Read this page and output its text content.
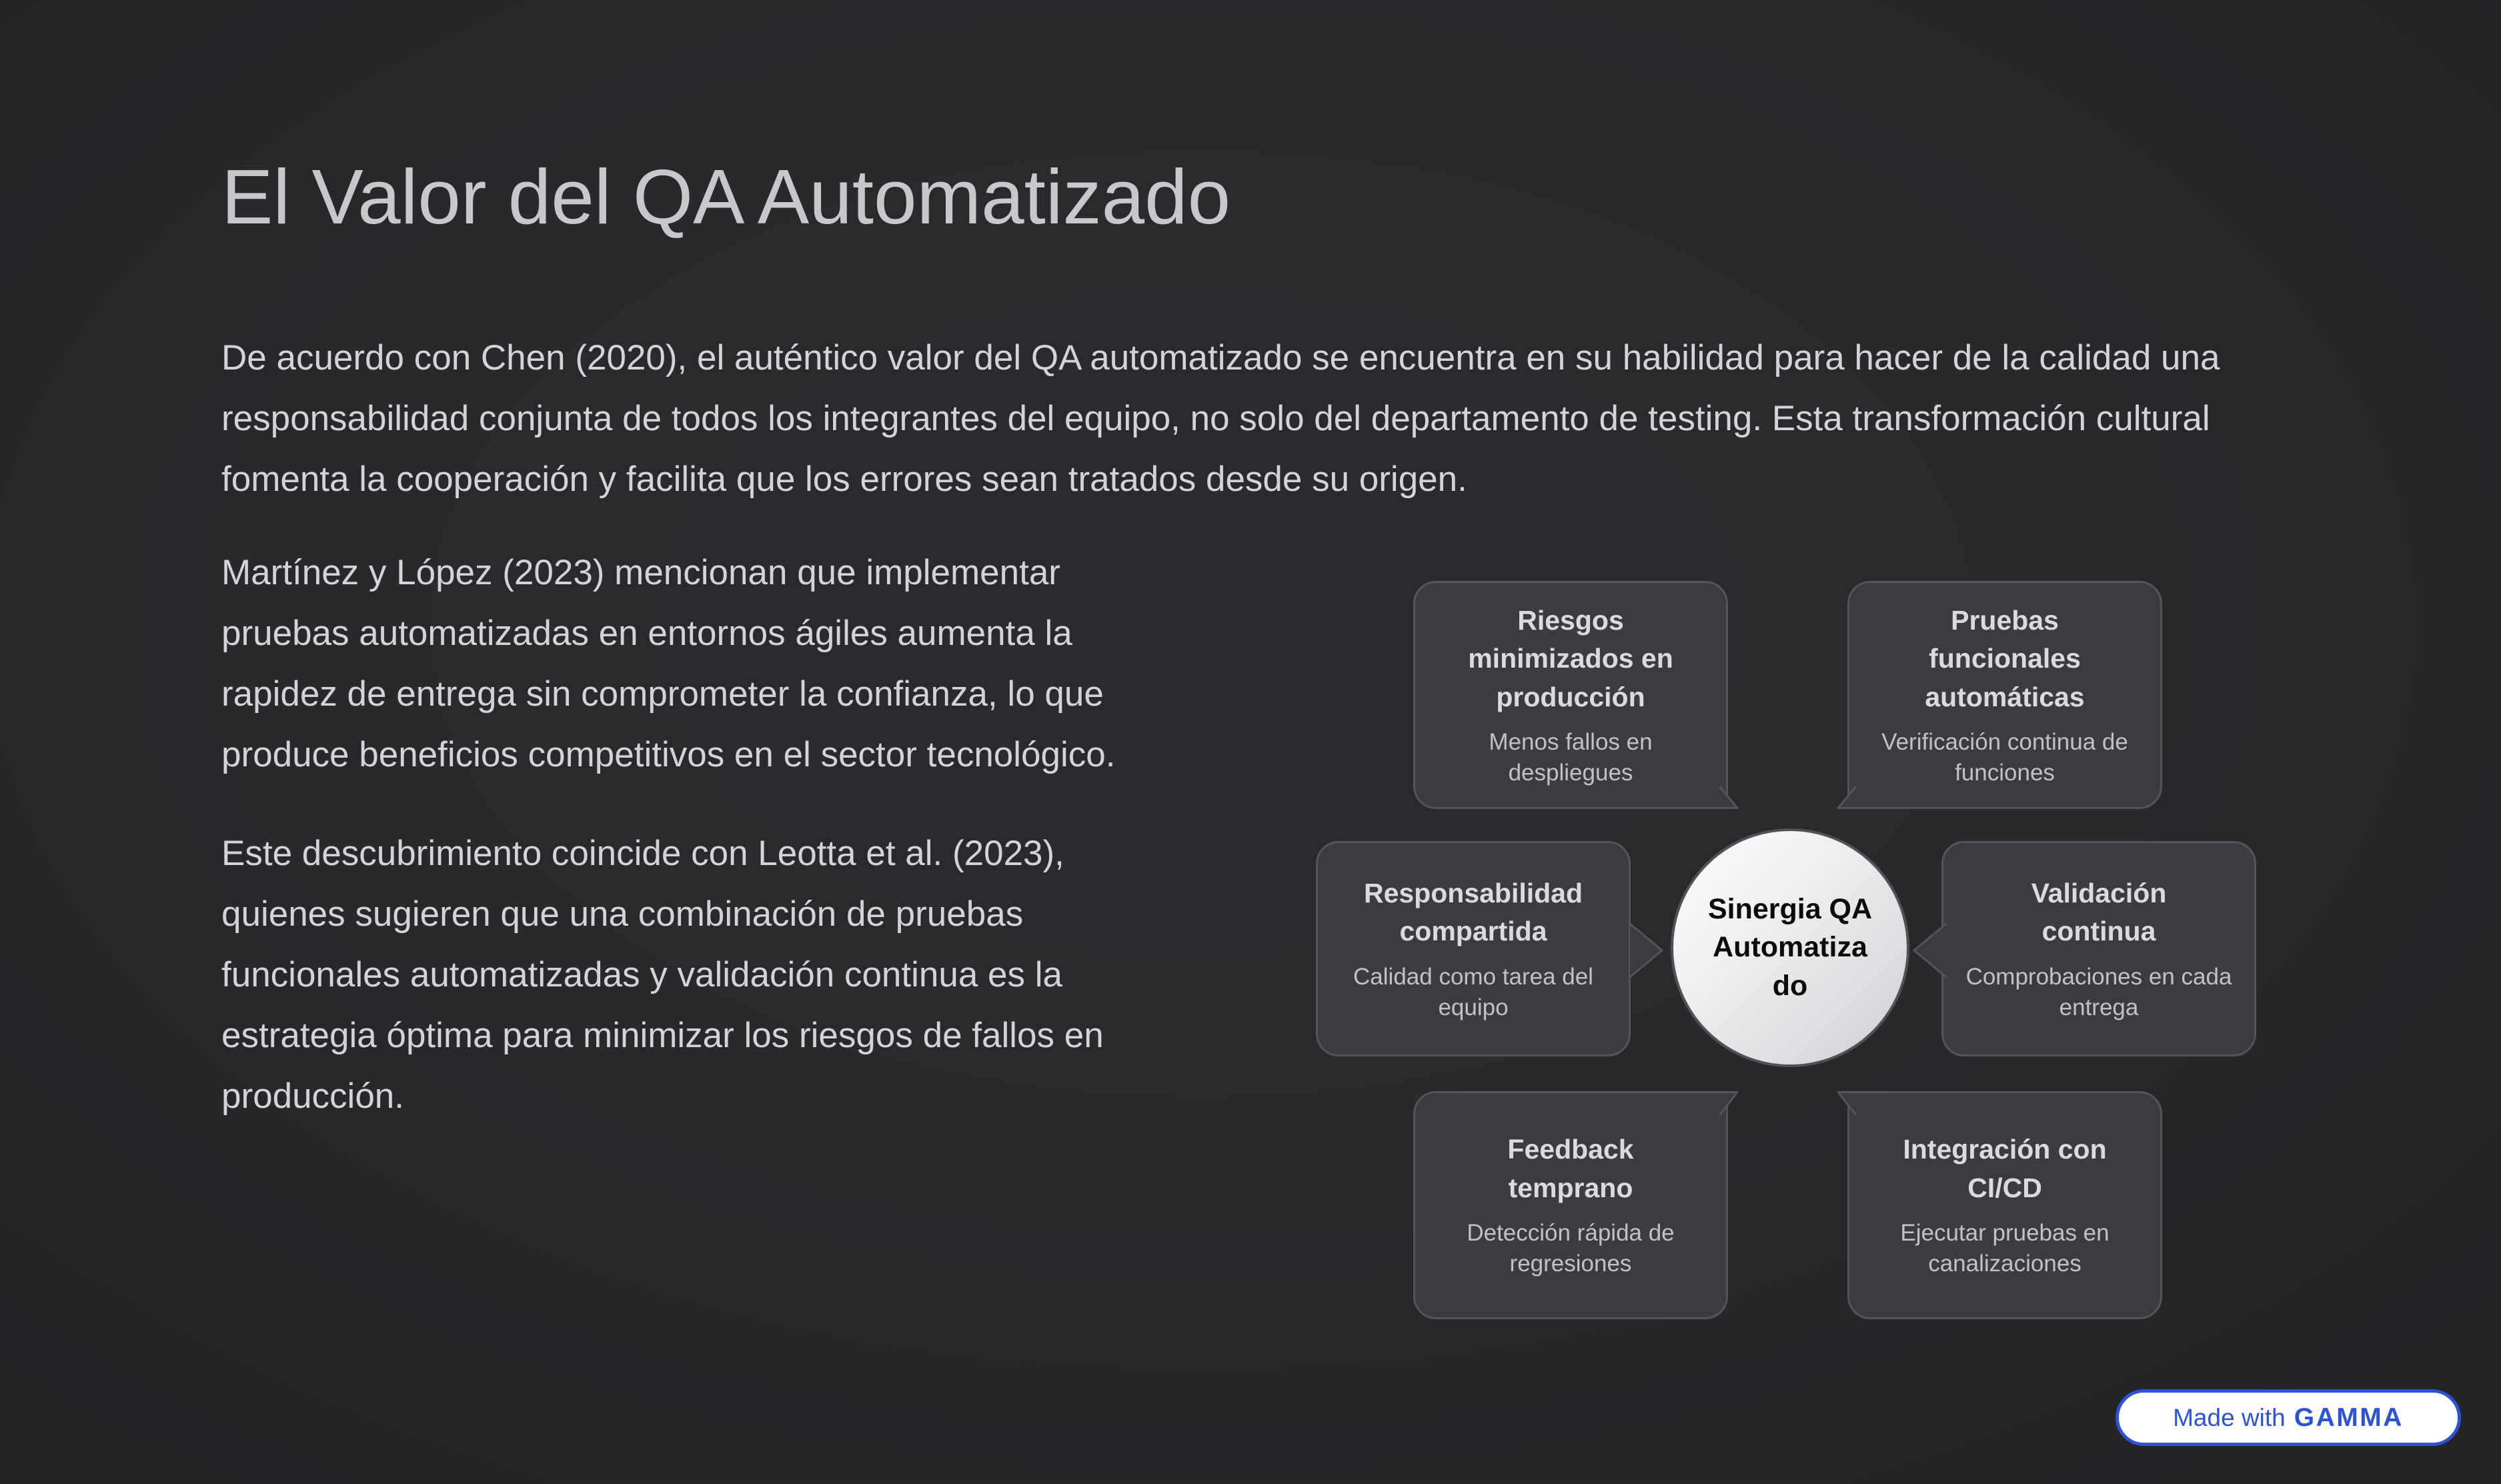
El Valor del QA Automatizado

De acuerdo con Chen (2020), el auténtico valor del QA automatizado se encuentra en su habilidad para hacer de la calidad una responsabilidad conjunta de todos los integrantes del equipo, no solo del departamento de testing. Esta transformación cultural fomenta la cooperación y facilita que los errores sean tratados desde su origen.

Martínez y López (2023) mencionan que implementar pruebas automatizadas en entornos ágiles aumenta la rapidez de entrega sin comprometer la confianza, lo que produce beneficios competitivos en el sector tecnológico.

Este descubrimiento coincide con Leotta et al. (2023), quienes sugieren que una combinación de pruebas funcionales automatizadas y validación continua es la estrategia óptima para minimizar los riesgos de fallos en producción.

Riesgos minimizados en producción
Menos fallos en despliegues
Pruebas funcionales automáticas
Verificación continua de funciones
Responsabilidad compartida
Calidad como tarea del equipo
Validación continua
Comprobaciones en cada entrega
Feedback temprano
Detección rápida de regresiones
Integración con CI/CD
Ejecutar pruebas en canalizaciones
Sinergia QA Automatizado
Made with GAMMA
